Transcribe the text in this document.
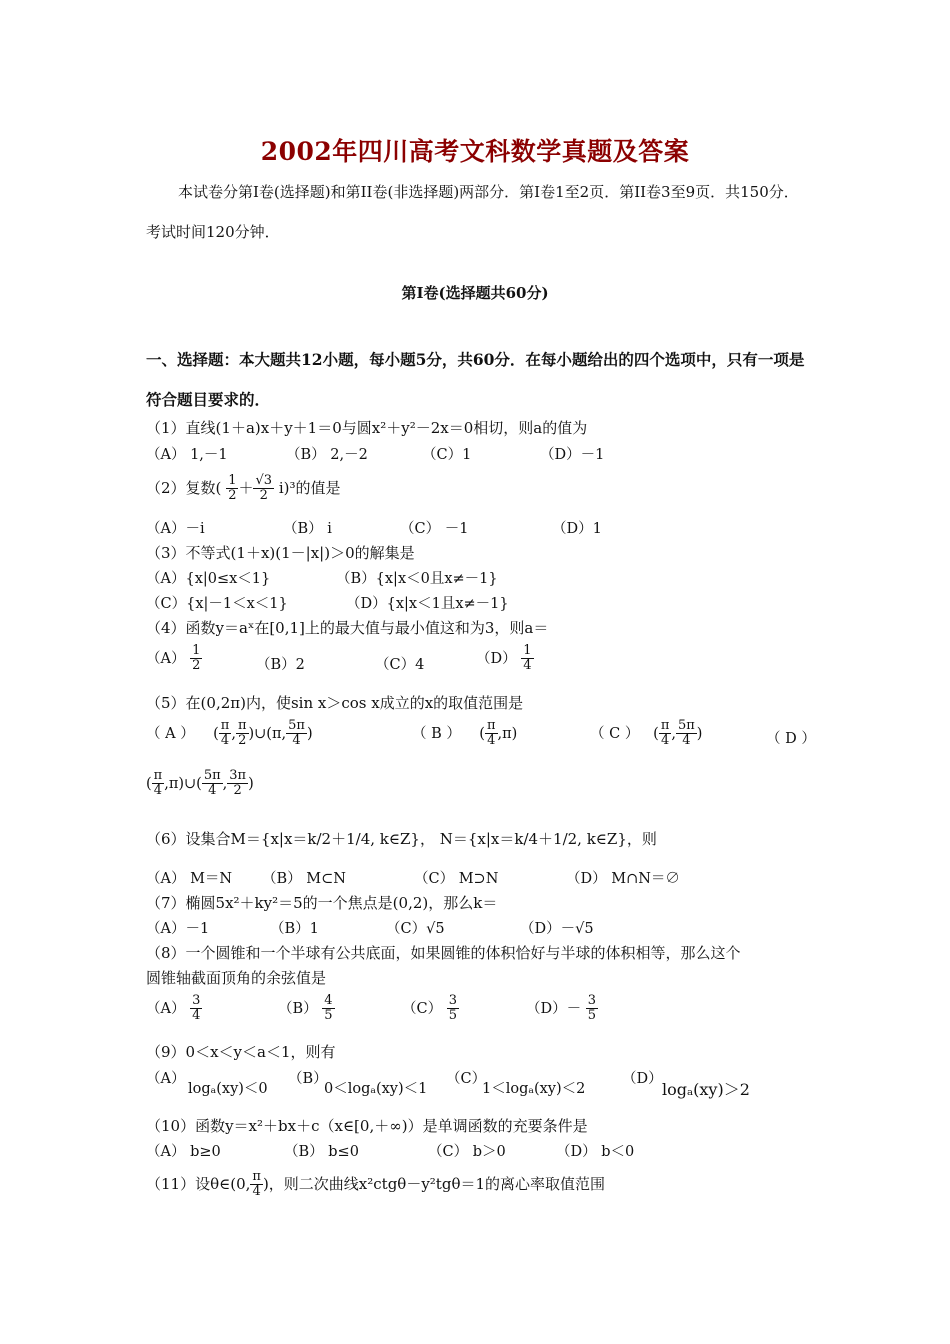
2002年四川高考文科数学真题及答案
本试卷分第Ⅰ卷(选择题)和第II卷(非选择题)两部分．第Ⅰ卷1至2页．第II卷3至9页．共150分．考试时间120分钟．
第Ⅰ卷(选择题共60分)
一、选择题：本大题共12小题，每小题5分，共60分．在每小题给出的四个选项中，只有一项是符合题目要求的．
（1）直线(1＋a)x＋y＋1＝0与圆x²＋y²－2x＝0相切，则a的值为
（A） 1,－1	（B） 2,－2	（C）1	（D）－1
（2）复数( $\frac{1}{2} + \frac{√3}{2} i)^3$的值是
（A）－i	（B） i	（C） －1	（D）1
（3）不等式(1＋x)(1－|x|)＞0的解集是
（A）{x|0≤x＜1}	（B）{x|x＜0且x≠－1}
（C）{x|－1＜x＜1}	（D）{x|x＜1且x≠－1}
（4）函数y＝aˣ在[0,1]上的最大值与最小值这和为3，则a＝
$(A) \frac{1}{2}$	（B）2	（C）4	$(D) \frac{1}{4}$
（5）在(0,2π)内，使sin x＞cos x成立的x的取值范围是
（ A ）    ( $\frac{\pi}{4}$ , $\frac{\pi}{2}$ )∪(π, $\frac{5\pi}{4}$ )	（ B ）    ( $\frac{\pi}{4} ,\pi$)	（ C ）   ( $\frac{\pi}{4}$ , $\frac{5\pi}{4}$ )	（ D ）
( $\frac{\pi}{4}$ ,π)∪( $\frac{5\pi}{4}$ , $\frac{3\pi}{2}$ )
（6）设集合M＝{x|x＝k/2＋1/4, k∈Z}， N＝{x|x＝k/4＋1/2, k∈Z}，则
（A） M＝N （B） M⊂N	（C） M⊃N	（D） M∩N＝∅
（7）椭圆5x²＋ky²＝5的一个焦点是(0,2)，那么k＝
（A）－1	（B）1	（C）√5	（D）－√5
（8）一个圆锥和一个半球有公共底面，如果圆锥的体积恰好与半球的体积相等，那么这个
圆锥轴截面顶角的余弦值是
$(A) \frac{3}{4}$	$(B) \frac{4}{5}$	$(C) \frac{3}{5}$	$(D)- \frac{3}{5}$
（9）0＜x＜y＜a＜1，则有
（A）
logₐ(xy)＜0
（B）
0＜logₐ(xy)＜1
（C）
1＜logₐ(xy)＜2
（D）
logₐ(xy)＞2
（10）函数y＝x²＋bx＋c（x∈[0,＋∞)）是单调函数的充要条件是
（A） b≥0	（B） b≤0	（C） b＞0	（D） b＜0
（11）设θ∈(0, $\frac{\pi}{4}$ )，则二次曲线x²ctgθ－y²tgθ＝1的离心率取值范围
